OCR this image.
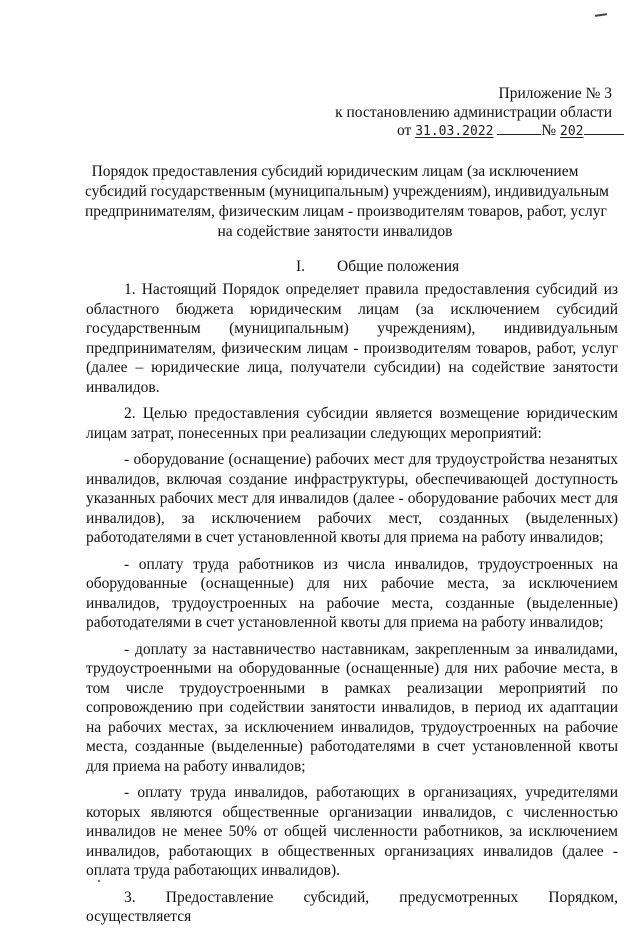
Приложение № 3
к постановлению администрации области
от 31.03.2022	№ 202
Порядок предоставления субсидий юридическим лицам (за исключением
субсидий государственным (муниципальным) учреждениям), индивидуальным
предпринимателям, физическим лицам - производителям товаров, работ, услуг
на содействие занятости инвалидов
I. Общие положения

1. Настоящий Порядок определяет правила предоставления субсидий из областного бюджета юридическим лицам (за исключением субсидий государственным (муниципальным) учреждениям), индивидуальным предпринимателям, физическим лицам - производителям товаров, работ, услуг (далее – юридические лица, получатели субсидии) на содействие занятости инвалидов.

2. Целью предоставления субсидии является возмещение юридическим лицам затрат, понесенных при реализации следующих мероприятий:

- оборудование (оснащение) рабочих мест для трудоустройства незанятых инвалидов, включая создание инфраструктуры, обеспечивающей доступность указанных рабочих мест для инвалидов (далее - оборудование рабочих мест для инвалидов), за исключением рабочих мест, созданных (выделенных) работодателями в счет установленной квоты для приема на работу инвалидов;

- оплату труда работников из числа инвалидов, трудоустроенных на оборудованные (оснащенные) для них рабочие места, за исключением инвалидов, трудоустроенных на рабочие места, созданные (выделенные) работодателями в счет установленной квоты для приема на работу инвалидов;

- доплату за наставничество наставникам, закрепленным за инвалидами, трудоустроенными на оборудованные (оснащенные) для них рабочие места, в том числе трудоустроенными в рамках реализации мероприятий по сопровождению при содействии занятости инвалидов, в период их адаптации на рабочих местах, за исключением инвалидов, трудоустроенных на рабочие места, созданные (выделенные) работодателями в счет установленной квоты для приема на работу инвалидов;

- оплату труда инвалидов, работающих в организациях, учредителями которых являются общественные организации инвалидов, с численностью инвалидов не менее 50% от общей численности работников, за исключением инвалидов, работающих в общественных организациях инвалидов (далее - оплата труда работающих инвалидов).

3. Предоставление субсидий, предусмотренных Порядком, осуществляется
